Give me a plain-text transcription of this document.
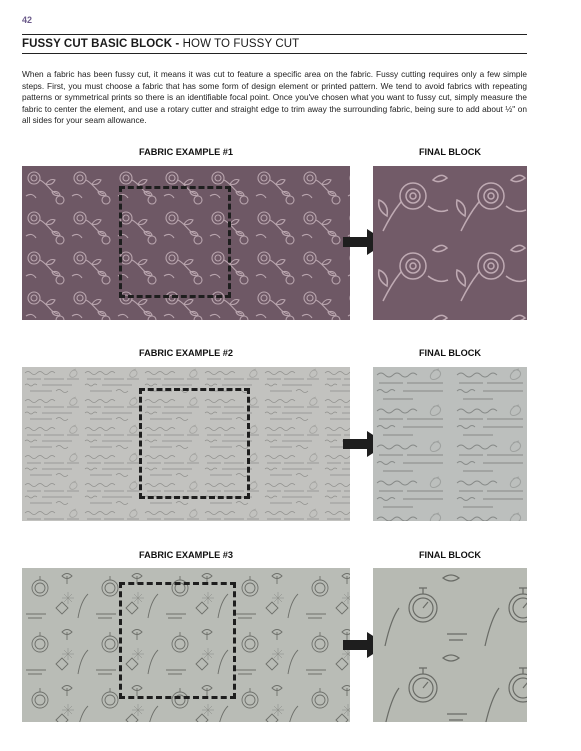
42
FUSSY CUT BASIC BLOCK - HOW TO FUSSY CUT
When a fabric has been fussy cut, it means it was cut to feature a specific area on the fabric. Fussy cutting requires only a few simple steps. First, you must choose a fabric that has some form of design element or printed pattern. We tend to avoid fabrics with repeating patterns or symmetrical prints so there is an identifiable focal point. Once you've chosen what you want to fussy cut, simply measure the fabric to center the element, and use a rotary cutter and straight edge to trim away the surrounding fabric, being sure to add about ½" on all sides for your seam allowance.
FABRIC EXAMPLE #1	FINAL BLOCK
FABRIC EXAMPLE #2	FINAL BLOCK
FABRIC EXAMPLE #3	FINAL BLOCK
